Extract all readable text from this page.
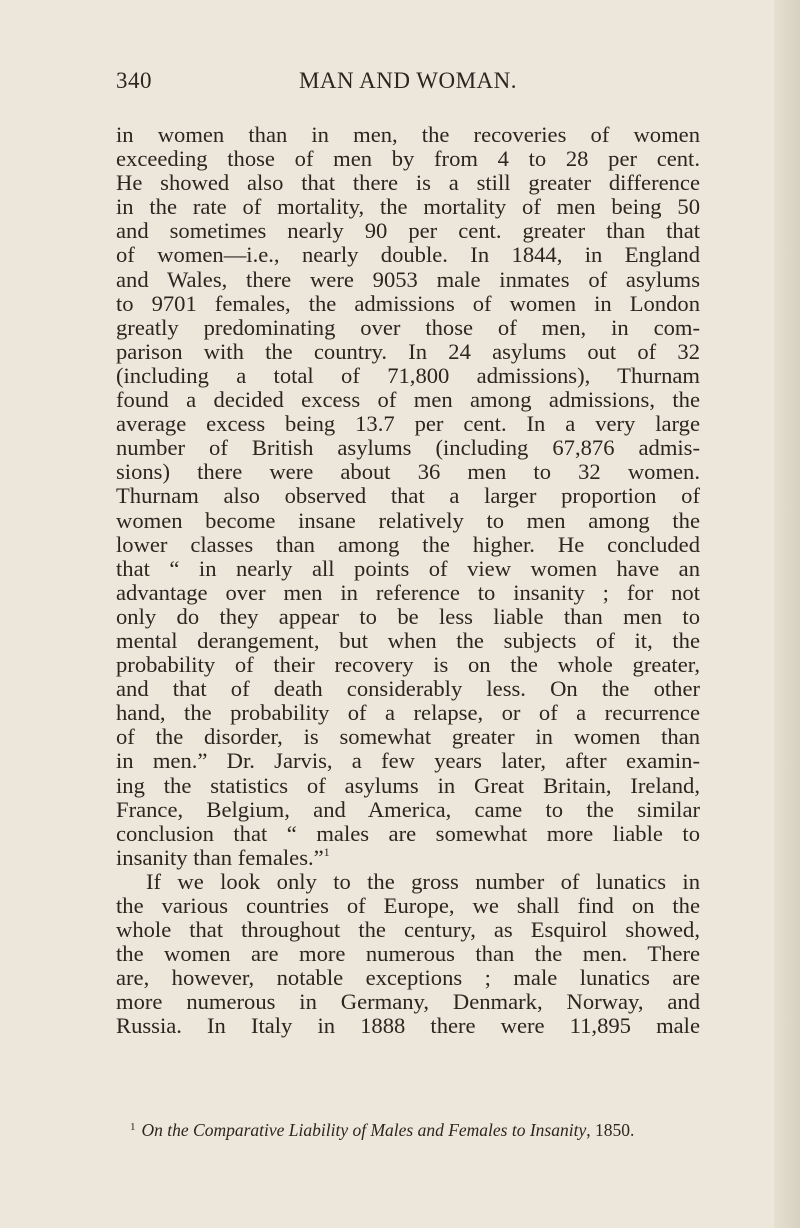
340	MAN AND WOMAN.
in women than in men, the recoveries of women
exceeding those of men by from 4 to 28 per cent.
He showed also that there is a still greater difference
in the rate of mortality, the mortality of men being 50
and sometimes nearly 90 per cent. greater than that
of women—i.e., nearly double. In 1844, in England
and Wales, there were 9053 male inmates of asylums
to 9701 females, the admissions of women in London
greatly predominating over those of men, in com-
parison with the country. In 24 asylums out of 32
(including a total of 71,800 admissions), Thurnam
found a decided excess of men among admissions, the
average excess being 13.7 per cent. In a very large
number of British asylums (including 67,876 admis-
sions) there were about 36 men to 32 women.
Thurnam also observed that a larger proportion of
women become insane relatively to men among the
lower classes than among the higher. He concluded
that “ in nearly all points of view women have an
advantage over men in reference to insanity ; for not
only do they appear to be less liable than men to
mental derangement, but when the subjects of it, the
probability of their recovery is on the whole greater,
and that of death considerably less. On the other
hand, the probability of a relapse, or of a recurrence
of the disorder, is somewhat greater in women than
in men.” Dr. Jarvis, a few years later, after examin-
ing the statistics of asylums in Great Britain, Ireland,
France, Belgium, and America, came to the similar
conclusion that “ males are somewhat more liable to
insanity than females.”$^1$
If we look only to the gross number of lunatics in
the various countries of Europe, we shall find on the
whole that throughout the century, as Esquirol showed,
the women are more numerous than the men. There
are, however, notable exceptions ; male lunatics are
more numerous in Germany, Denmark, Norway, and
Russia. In Italy in 1888 there were 11,895 male
$^1$ On the Comparative Liability of Males and Females to Insanity, 1850.
